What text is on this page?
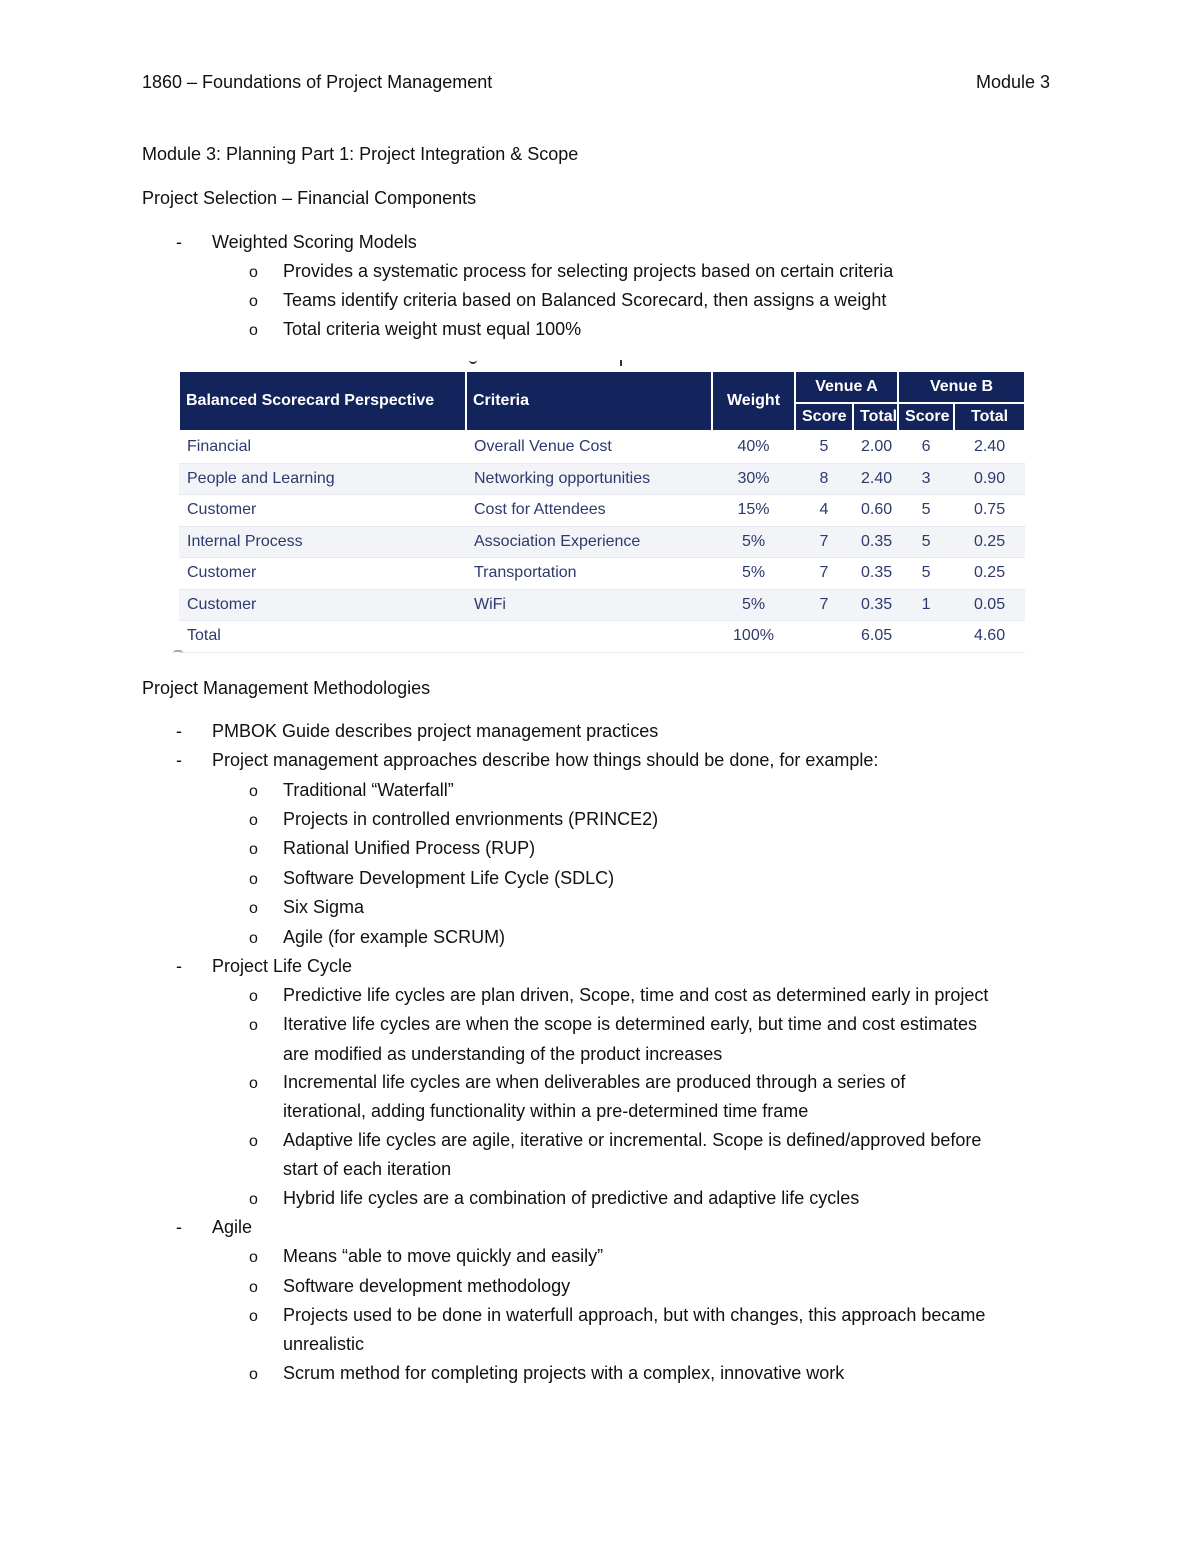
1860 – Foundations of Project Management	Module 3
Module 3: Planning Part 1: Project Integration & Scope
Project Selection – Financial Components
- Weighted Scoring Models
o Provides a systematic process for selecting projects based on certain criteria
o Teams identify criteria based on Balanced Scorecard, then assigns a weight
o Total criteria weight must equal 100%
Balanced Scorecard Perspective	Criteria	Weight	Venue A		Venue B	
			Score	Total	Score	Total
Financial	Overall Venue Cost	40%	5	2.00	6	2.40
People and Learning	Networking opportunities	30%	8	2.40	3	0.90
Customer	Cost for Attendees	15%	4	0.60	5	0.75
Internal Process	Association Experience	5%	7	0.35	5	0.25
Customer	Transportation	5%	7	0.35	5	0.25
Customer	WiFi	5%	7	0.35	1	0.05
Total		100%		6.05		4.60
Project Management Methodologies
- PMBOK Guide describes project management practices
- Project management approaches describe how things should be done, for example:
o Traditional “Waterfall”
o Projects in controlled envrionments (PRINCE2)
o Rational Unified Process (RUP)
o Software Development Life Cycle (SDLC)
o Six Sigma
o Agile (for example SCRUM)
- Project Life Cycle
o Predictive life cycles are plan driven, Scope, time and cost as determined early in project
o Iterative life cycles are when the scope is determined early, but time and cost estimates
are modified as understanding of the product increases
o Incremental life cycles are when deliverables are produced through a series of
iterational, adding functionality within a pre-determined time frame
o Adaptive life cycles are agile, iterative or incremental. Scope is defined/approved before
start of each iteration
o Hybrid life cycles are a combination of predictive and adaptive life cycles
- Agile
o Means “able to move quickly and easily”
o Software development methodology
o Projects used to be done in waterfull approach, but with changes, this approach became
unrealistic
o Scrum method for completing projects with a complex, innovative work
